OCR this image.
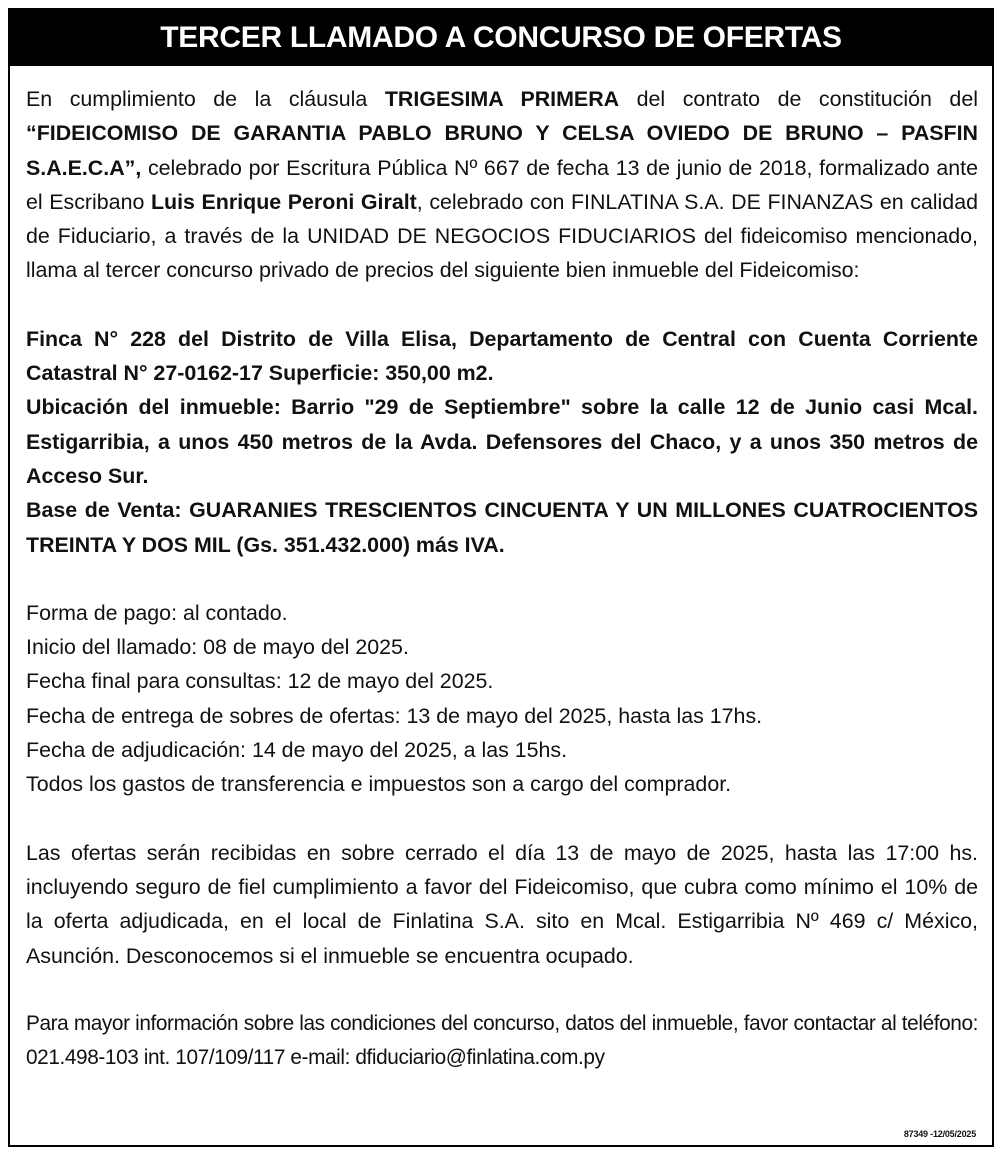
TERCER LLAMADO A CONCURSO DE OFERTAS

En cumplimiento de la cláusula TRIGESIMA PRIMERA del contrato de constitución del “FIDEICOMISO DE GARANTIA PABLO BRUNO Y CELSA OVIEDO DE BRUNO – PASFIN S.A.E.C.A”, celebrado por Escritura Pública Nº 667 de fecha 13 de junio de 2018, formalizado ante el Escribano Luis Enrique Peroni Giralt, celebrado con FINLATINA S.A. DE FINANZAS en calidad de Fiduciario, a través de la UNIDAD DE NEGOCIOS FIDUCIARIOS del fideicomiso mencionado, llama al tercer concurso privado de precios del siguiente bien inmueble del Fideicomiso:

Finca N° 228 del Distrito de Villa Elisa, Departamento de Central con Cuenta Corriente Catastral N° 27-0162-17 Superficie: 350,00 m2.

Ubicación del inmueble: Barrio "29 de Septiembre" sobre la calle 12 de Junio casi Mcal. Estigarribia, a unos 450 metros de la Avda. Defensores del Chaco, y a unos 350 metros de Acceso Sur.

Base de Venta: GUARANIES TRESCIENTOS CINCUENTA Y UN MILLONES CUATROCIENTOS TREINTA Y DOS MIL (Gs. 351.432.000) más IVA.

Forma de pago: al contado.

Inicio del llamado: 08 de mayo del 2025.

Fecha final para consultas: 12 de mayo del 2025.

Fecha de entrega de sobres de ofertas: 13 de mayo del 2025, hasta las 17hs.

Fecha de adjudicación: 14 de mayo del 2025, a las 15hs.

Todos los gastos de transferencia e impuestos son a cargo del comprador.

Las ofertas serán recibidas en sobre cerrado el día 13 de mayo de 2025, hasta las 17:00 hs. incluyendo seguro de fiel cumplimiento a favor del Fideicomiso, que cubra como mínimo el 10% de la oferta adjudicada, en el local de Finlatina S.A. sito en Mcal. Estigarribia Nº 469 c/ México, Asunción. Desconocemos si el inmueble se encuentra ocupado.

Para mayor información sobre las condiciones del concurso, datos del inmueble, favor contactar al teléfono: 021.498-103 int. 107/109/117 e-mail: dfiduciario@finlatina.com.py

87349 -12/05/2025
